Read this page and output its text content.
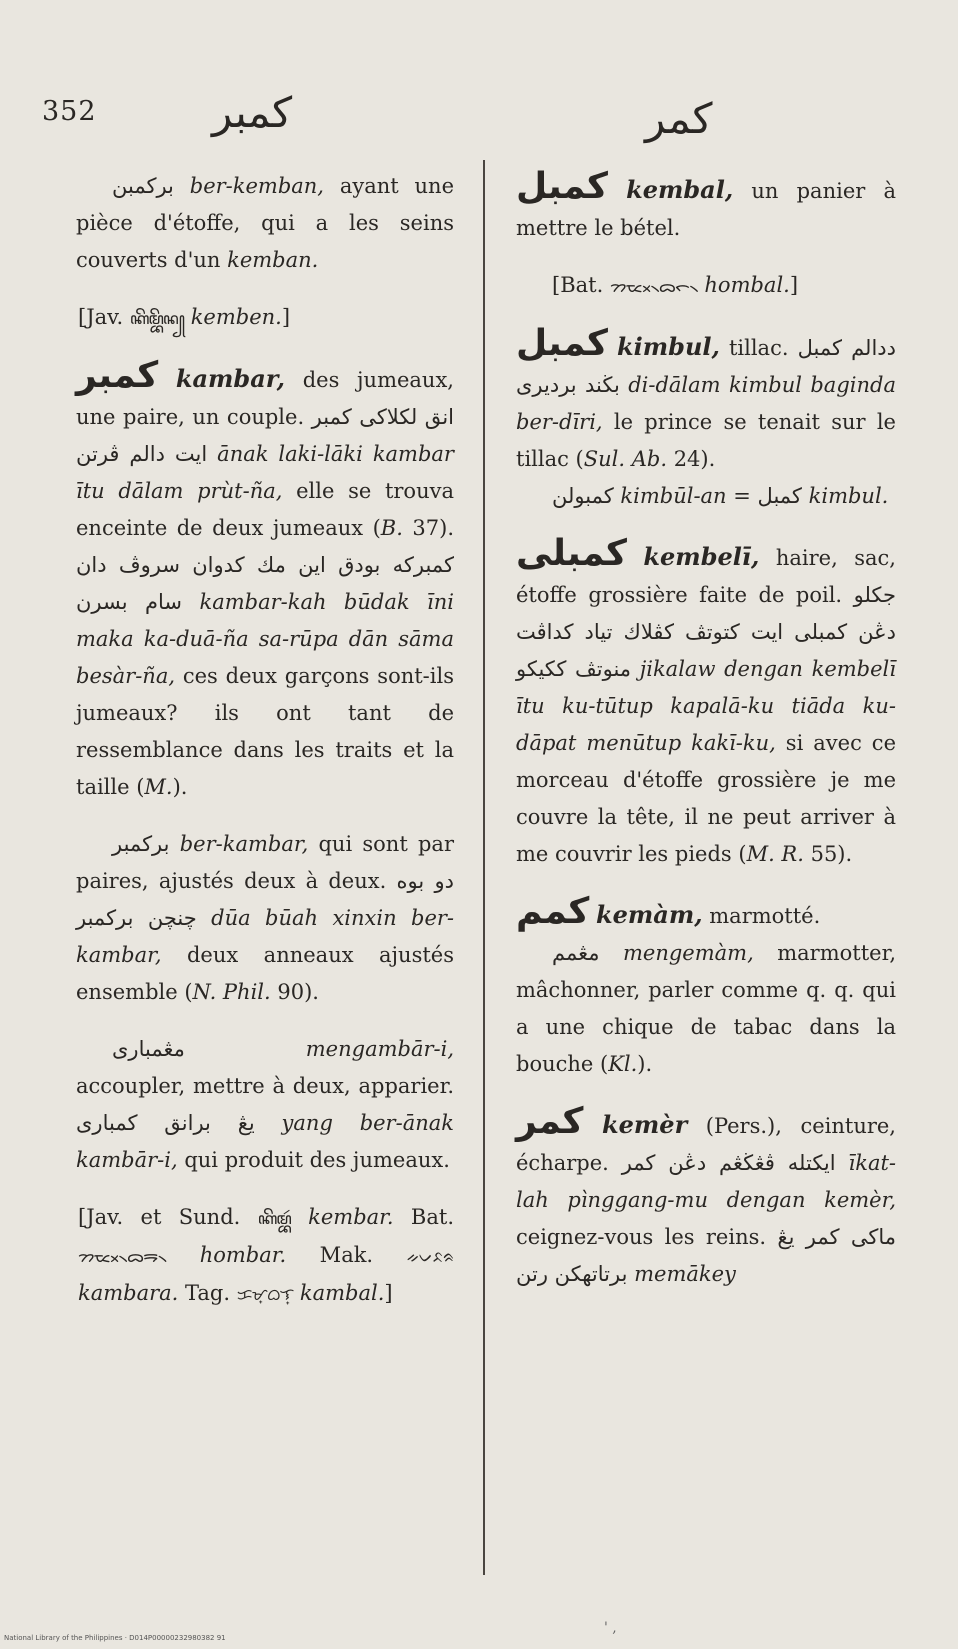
352	كمبر	كمر

بركمبن ber-kemban, ayant une pièce d'étoffe, qui a les seins couverts d'un kemban.

[Jav. ꦏꦼꦩ꧀ꦧꦼꦤ꧀ kemben.]

كمبر kambar, des jumeaux, une paire, un couple. انق لكلاكى كمبر ايت دالم ڤرتن ānak laki-lāki kambar ītu dālam prùt-ña, elle se trouva enceinte de deux jumeaux (B. 37). كمبركه بودق اين مك كدوان سروڤ دان سام بسرن kambar-kah būdak īni maka ka-duā-ña sa-rūpa dān sāma besàr-ña, ces deux garçons sont-ils jumeaux? ils ont tant de ressemblance dans les traits et la taille (M.).

بركمبر ber-kambar, qui sont par paires, ajustés deux à deux. دو بوه چنچن بركمبر dūa būah xinxin ber-kambar, deux anneaux ajustés ensemble (N. Phil. 90).

مڠمبارى	mengambār-i, accoupler, mettre à deux, apparier. يڠ برانق كمبارى yang ber-ānak kambār-i, qui produit des jumeaux.

[Jav. et Sund. ꦏꦼꦩ꧀ꦧꦂ kembar. Bat. ᯂᯬᯔ᯲ᯅᯒ᯲ hombar. Mak. ᨀᨆᨅᨑ kambara. Tag. ᜃᜋ᜔ᜊᜎ᜔ kambal.]

كمبل kembal, un panier à mettre le bétel.

[Bat. ᯂᯬᯔ᯲ᯅᯞ᯲ hombal.]

كمبل kimbul, tillac. ددالم كمبل بڬند برديرى di-dālam kimbul baginda ber-dīri, le prince se tenait sur le tillac (Sul. Ab. 24).

كمبولن kimbūl-an = كمبل kimbul.

كمبلى kembelī, haire, sac, étoffe grossière faite de poil. جكلو دڠن كمبلى ايت كتوتڤ كڤلاك تياد كداڤت منوتڤ ككيكو jikalaw dengan kembelī ītu ku-tūtup kapalā-ku tiāda ku-dāpat menūtup kakī-ku, si avec ce morceau d'étoffe grossière je me couvre la tête, il ne peut arriver à me couvrir les pieds (M. R. 55).

كمم kemàm, marmotté.

مڠمم mengemàm, marmotter, mâchonner, parler comme q. q. qui a une chique de tabac dans la bouche (Kl.).

كمر kemèr (Pers.), ceinture, écharpe. ايكتله ڤڠڬڠم دڠن كمر īkat-lah pìnggang-mu dengan kemèr, ceignez-vous les reins. ماكى كمر يڠ برتاتهكن رتن memākey

' ,
National Library of the Philippines · D014P00000232980382 91
